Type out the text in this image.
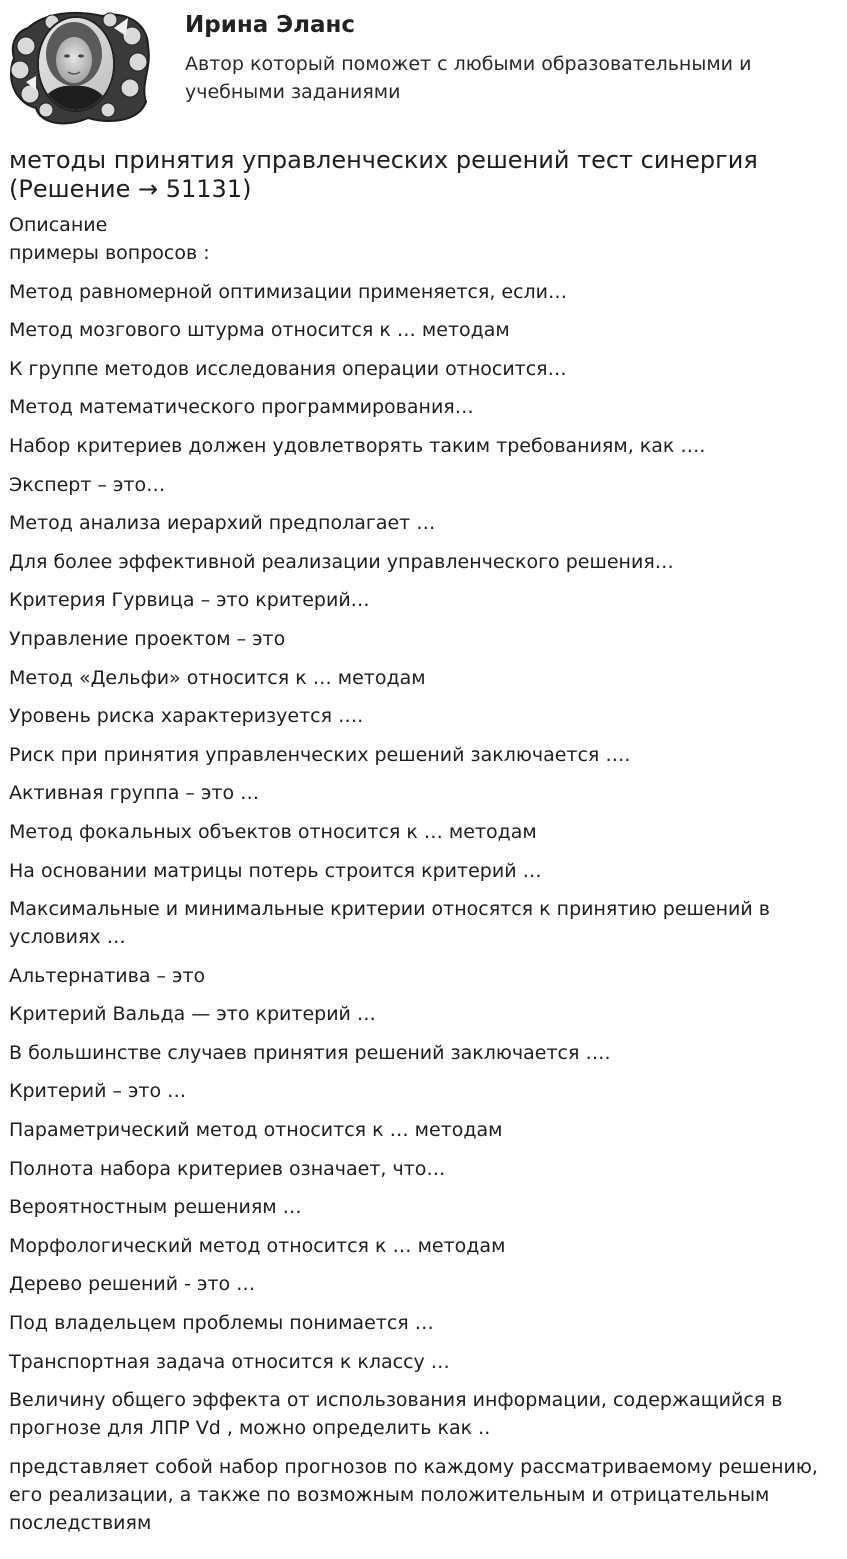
Ирина Эланс
Автор который поможет с любыми образовательными и учебными заданиями
методы принятия управленческих решений тест синергия (Решение → 51131)
Описание
примеры вопросов :
Метод равномерной оптимизации применяется, если…
Метод мозгового штурма относится к … методам
К группе методов исследования операции относится…
Метод математического программирования…
Набор критериев должен удовлетворять таким требованиям, как ….
Эксперт – это…
Метод анализа иерархий предполагает …
Для более эффективной реализации управленческого решения…
Критерия Гурвица – это критерий…
Управление проектом – это
Метод «Дельфи» относится к … методам
Уровень риска характеризуется ….
Риск при принятия управленческих решений заключается ….
Активная группа – это …
Метод фокальных объектов относится к … методам
На основании матрицы потерь строится критерий …
Максимальные и минимальные критерии относятся к принятию решений в условиях …
Альтернатива – это
Критерий Вальда — это критерий …
В большинстве случаев принятия решений заключается ….
Критерий – это …
Параметрический метод относится к … методам
Полнота набора критериев означает, что…
Вероятностным решениям …
Морфологический метод относится к … методам
Дерево решений - это …
Под владельцем проблемы понимается …
Транспортная задача относится к классу …
Величину общего эффекта от использования информации, содержащийся в прогнозе для ЛПР Vd , можно определить как ..
представляет собой набор прогнозов по каждому рассматриваемому решению, его реализации, а также по возможным положительным и отрицательным последствиям
